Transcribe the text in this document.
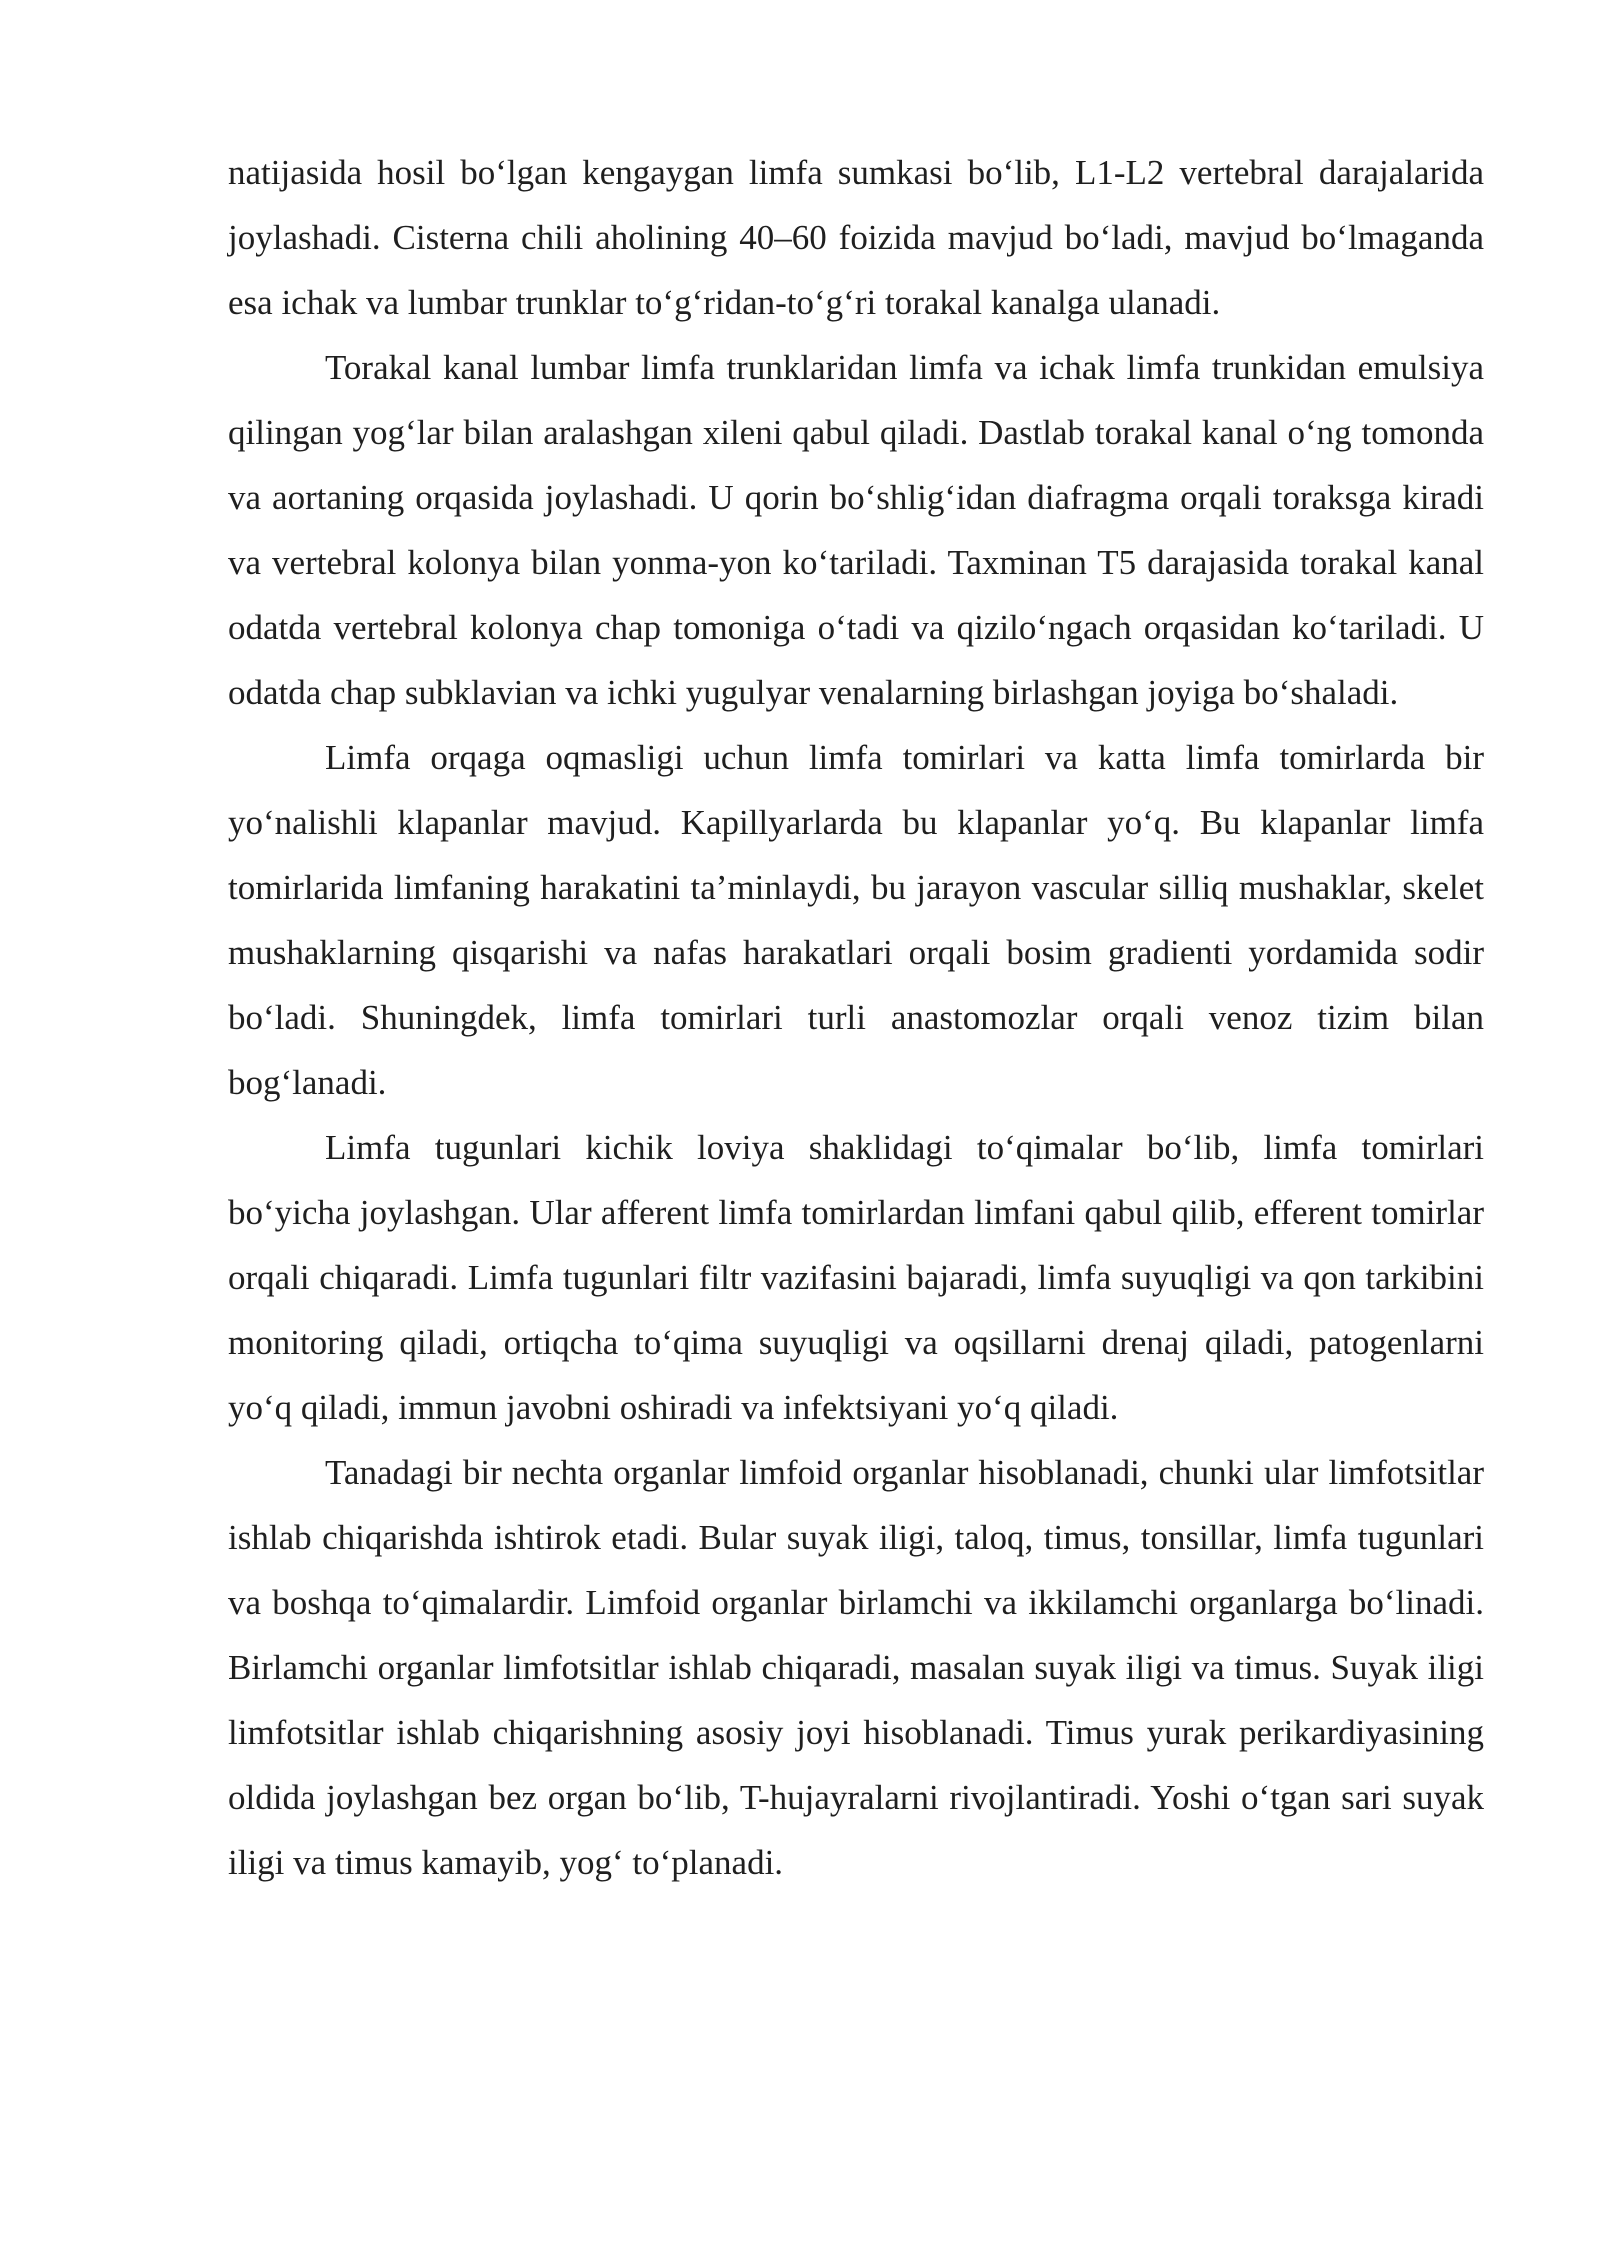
natijasida hosil bo‘lgan kengaygan limfa sumkasi bo‘lib, L1-L2 vertebral darajalarida joylashadi. Cisterna chili aholining 40–60 foizida mavjud bo‘ladi, mavjud bo‘lmaganda esa ichak va lumbar trunklar to‘g‘ridan-to‘g‘ri torakal kanalga ulanadi.

Torakal kanal lumbar limfa trunklaridan limfa va ichak limfa trunkidan emulsiya qilingan yog‘lar bilan aralashgan xileni qabul qiladi. Dastlab torakal kanal o‘ng tomonda va aortaning orqasida joylashadi. U qorin bo‘shlig‘idan diafragma orqali toraksga kiradi va vertebral kolonya bilan yonma-yon ko‘tariladi. Taxminan T5 darajasida torakal kanal odatda vertebral kolonya chap tomoniga o‘tadi va qizilo‘ngach orqasidan ko‘tariladi. U odatda chap subklavian va ichki yugulyar venalarning birlashgan joyiga bo‘shaladi.

Limfa orqaga oqmasligi uchun limfa tomirlari va katta limfa tomirlarda bir yo‘nalishli klapanlar mavjud. Kapillyarlarda bu klapanlar yo‘q. Bu klapanlar limfa tomirlarida limfaning harakatini ta’minlaydi, bu jarayon vascular silliq mushaklar, skelet mushaklarning qisqarishi va nafas harakatlari orqali bosim gradienti yordamida sodir bo‘ladi. Shuningdek, limfa tomirlari turli anastomozlar orqali venoz tizim bilan bog‘lanadi.

Limfa tugunlari kichik loviya shaklidagi to‘qimalar bo‘lib, limfa tomirlari bo‘yicha joylashgan. Ular afferent limfa tomirlardan limfani qabul qilib, efferent tomirlar orqali chiqaradi. Limfa tugunlari filtr vazifasini bajaradi, limfa suyuqligi va qon tarkibini monitoring qiladi, ortiqcha to‘qima suyuqligi va oqsillarni drenaj qiladi, patogenlarni yo‘q qiladi, immun javobni oshiradi va infektsiyani yo‘q qiladi.

Tanadagi bir nechta organlar limfoid organlar hisoblanadi, chunki ular limfotsitlar ishlab chiqarishda ishtirok etadi. Bular suyak iligi, taloq, timus, tonsillar, limfa tugunlari va boshqa to‘qimalardir. Limfoid organlar birlamchi va ikkilamchi organlarga bo‘linadi. Birlamchi organlar limfotsitlar ishlab chiqaradi, masalan suyak iligi va timus. Suyak iligi limfotsitlar ishlab chiqarishning asosiy joyi hisoblanadi. Timus yurak perikardiyasining oldida joylashgan bez organ bo‘lib, T-hujayralarni rivojlantiradi. Yoshi o‘tgan sari suyak iligi va timus kamayib, yog‘ to‘planadi.
